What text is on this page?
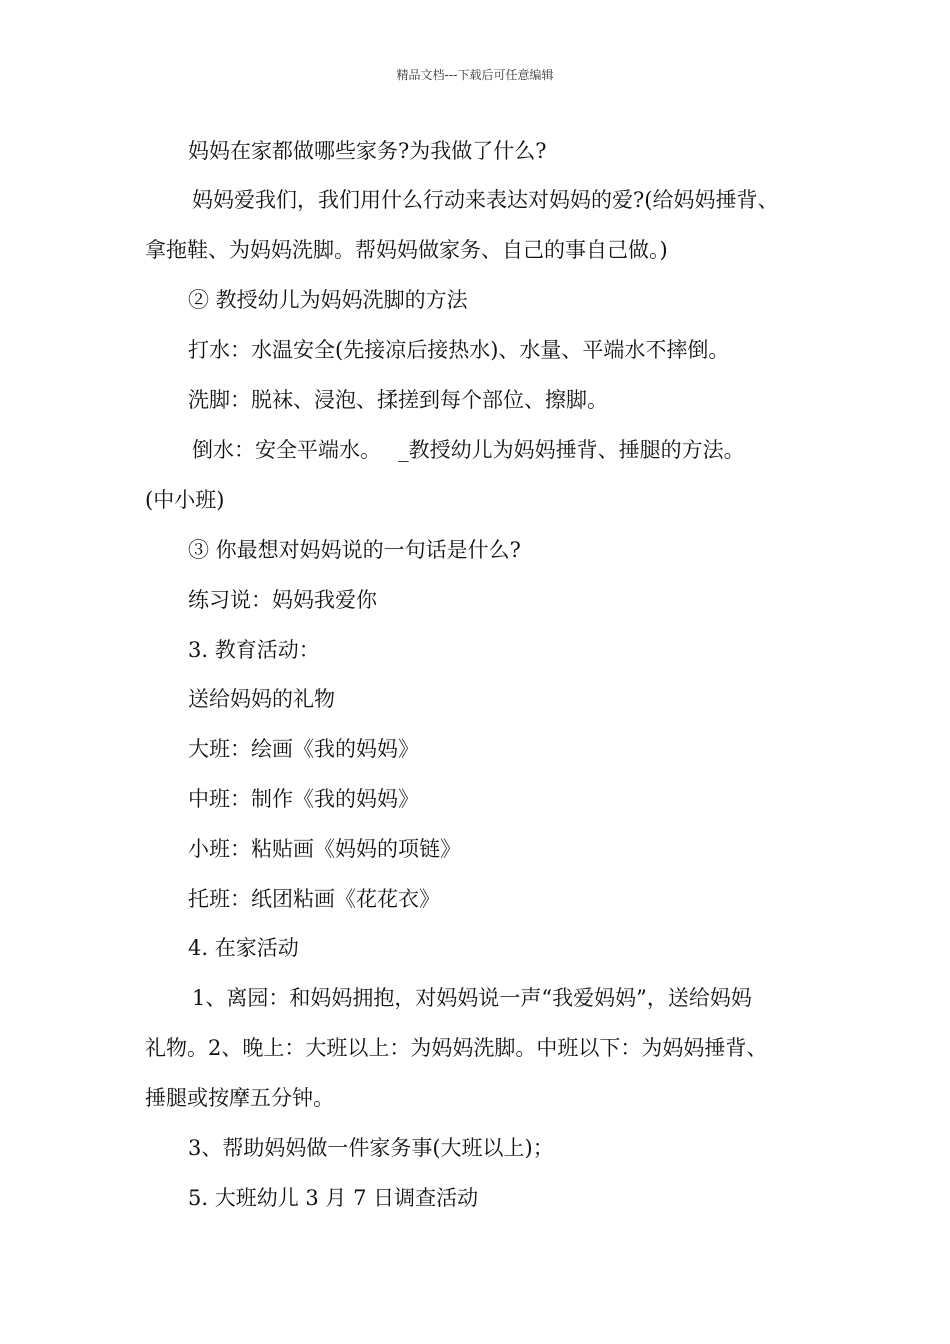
精品文档---下载后可任意编辑
妈妈在家都做哪些家务?为我做了什么?
妈妈爱我们，我们用什么行动来表达对妈妈的爱?(给妈妈捶背、
拿拖鞋、为妈妈洗脚。帮妈妈做家务、自己的事自己做。)
② 教授幼儿为妈妈洗脚的方法
打水：水温安全(先接凉后接热水)、水量、平端水不摔倒。
洗脚：脱袜、浸泡、揉搓到每个部位、擦脚。
倒水：安全平端水。　 _教授幼儿为妈妈捶背、捶腿的方法。
(中小班)
③ 你最想对妈妈说的一句话是什么?
练习说：妈妈我爱你
3. 教育活动：
送给妈妈的礼物
大班：绘画《我的妈妈》
中班：制作《我的妈妈》
小班：粘贴画《妈妈的项链》
托班：纸团粘画《花花衣》
4. 在家活动
1、离园：和妈妈拥抱，对妈妈说一声“我爱妈妈”，送给妈妈
礼物。2、晚上：大班以上：为妈妈洗脚。中班以下：为妈妈捶背、
捶腿或按摩五分钟。
3、帮助妈妈做一件家务事(大班以上)；
5. 大班幼儿 3 月 7 日调查活动
